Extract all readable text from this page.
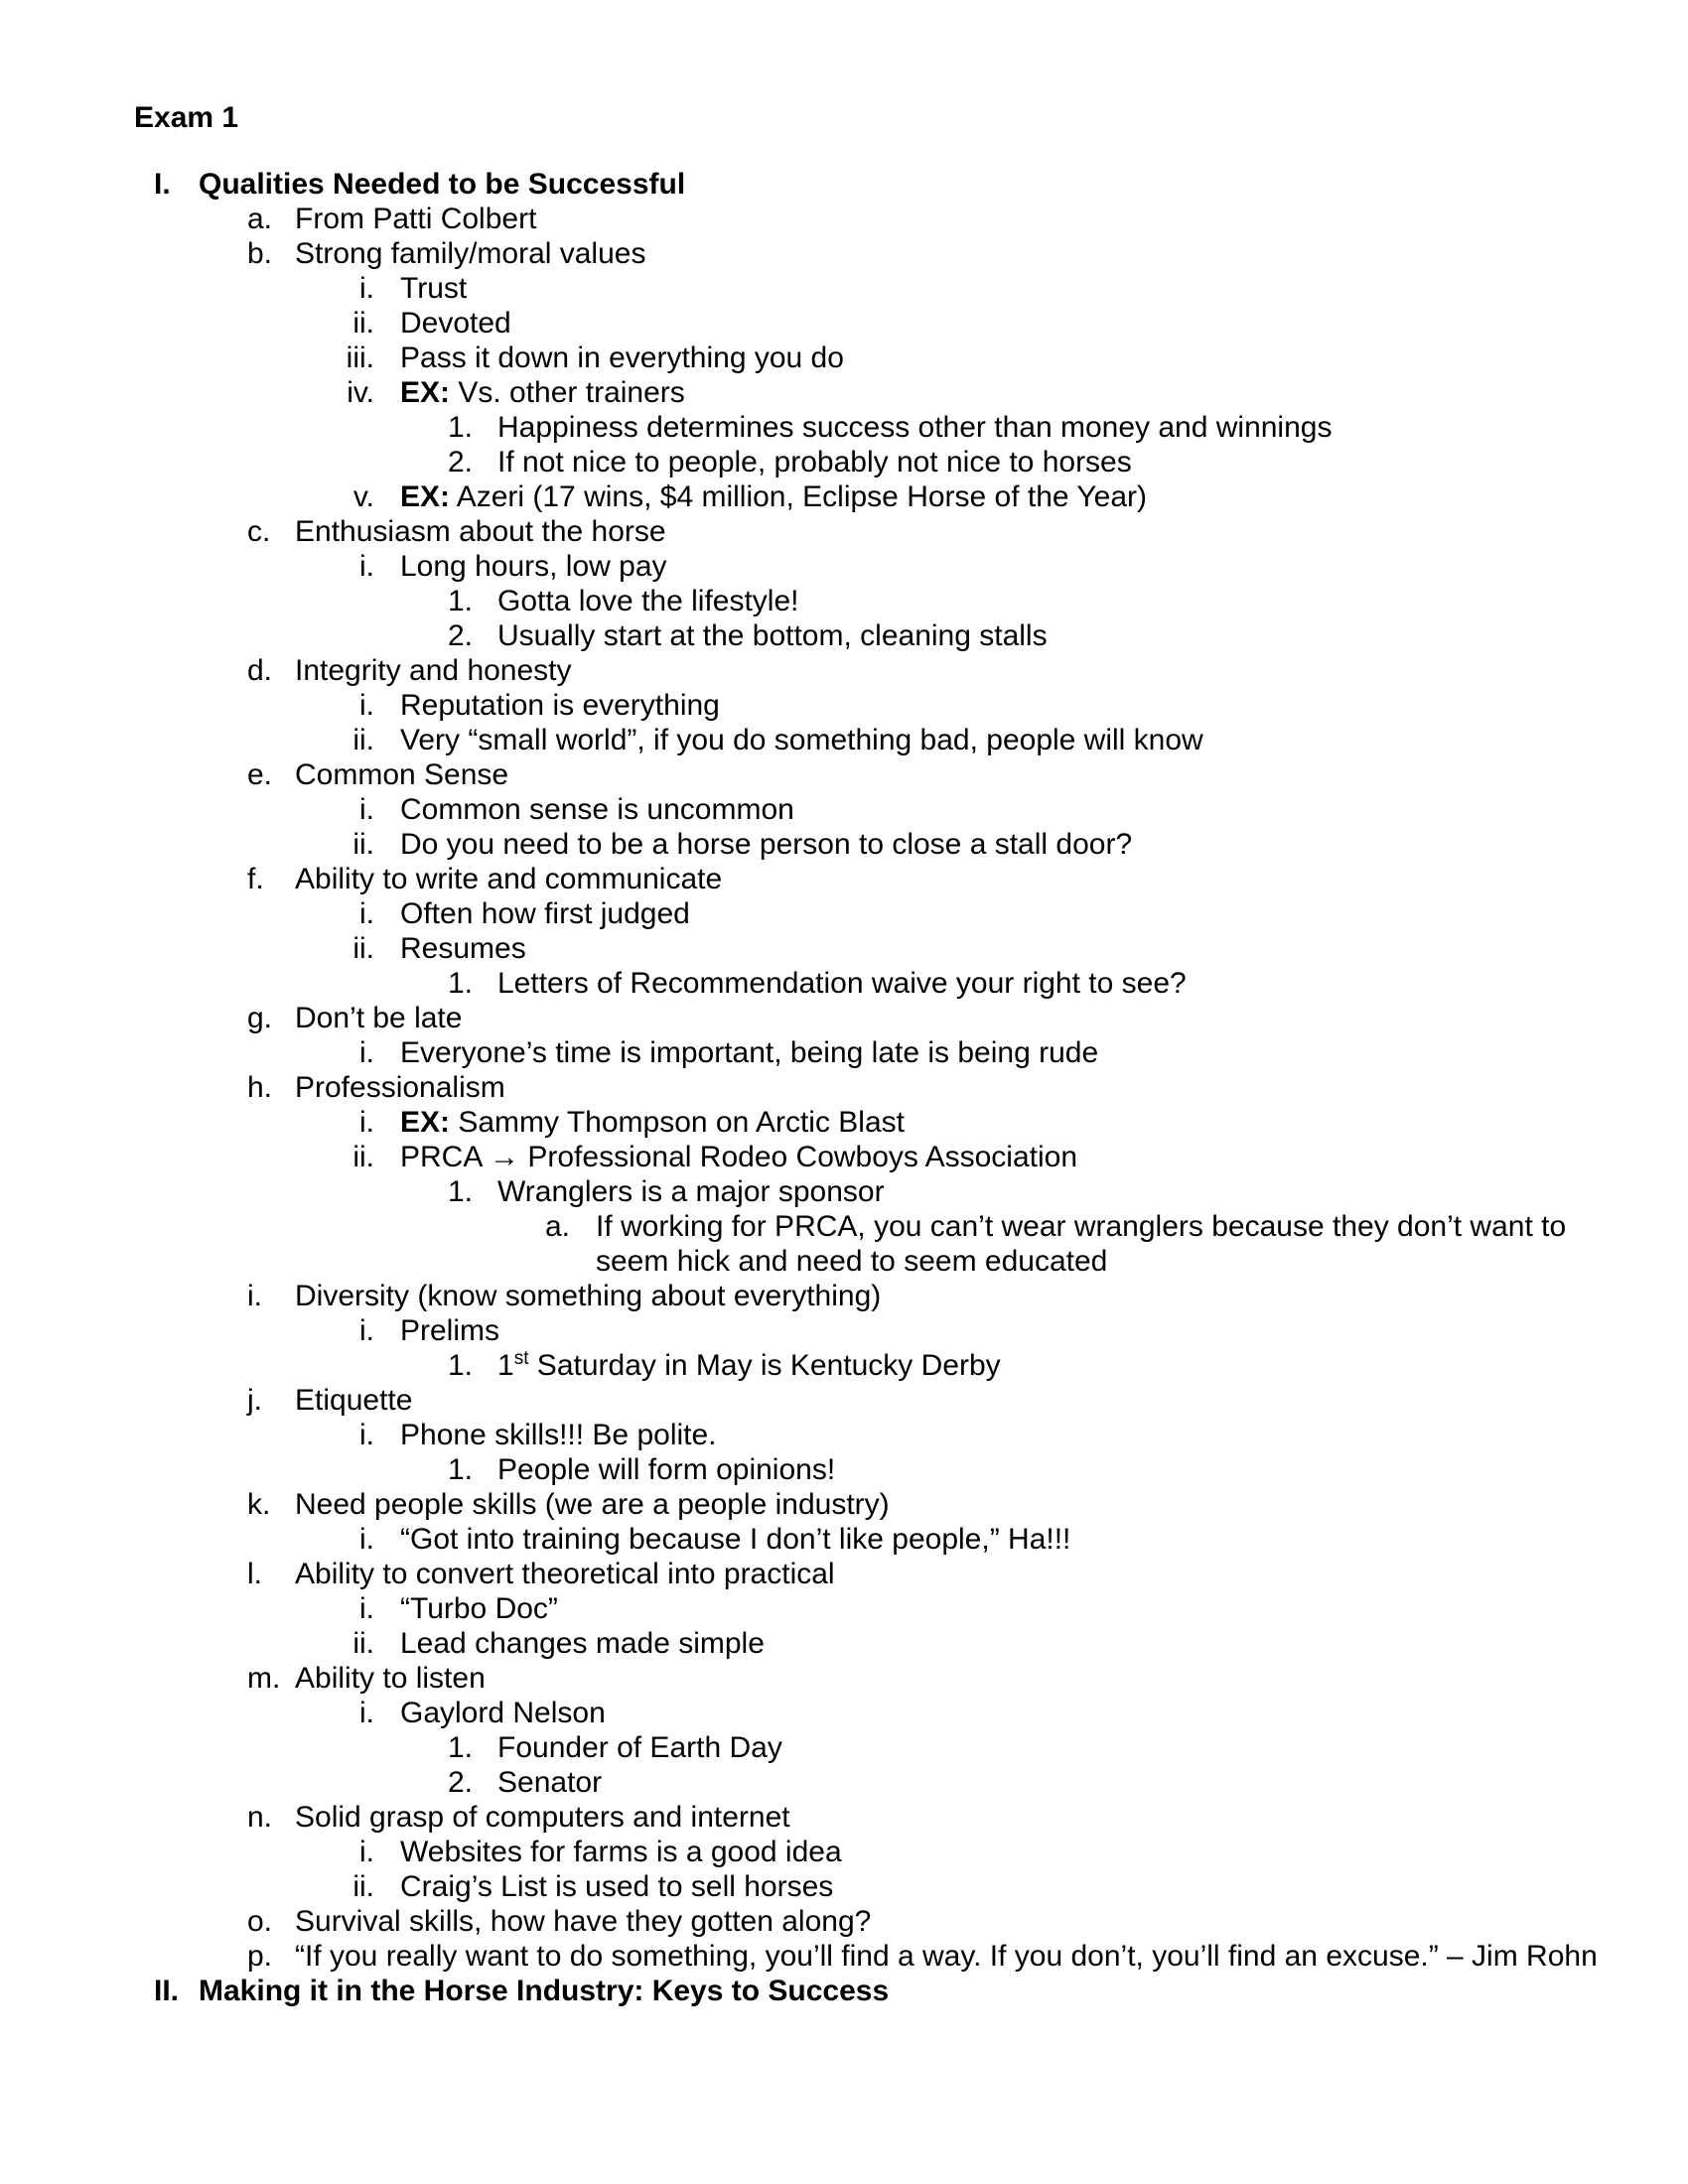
Exam 1
I. Qualities Needed to be Successful
a. From Patti Colbert
b. Strong family/moral values
i. Trust
ii. Devoted
iii. Pass it down in everything you do
iv. EX: Vs. other trainers
1. Happiness determines success other than money and winnings
2. If not nice to people, probably not nice to horses
v. EX: Azeri (17 wins, $4 million, Eclipse Horse of the Year)
c. Enthusiasm about the horse
i. Long hours, low pay
1. Gotta love the lifestyle!
2. Usually start at the bottom, cleaning stalls
d. Integrity and honesty
i. Reputation is everything
ii. Very “small world”, if you do something bad, people will know
e. Common Sense
i. Common sense is uncommon
ii. Do you need to be a horse person to close a stall door?
f.	Ability to write and communicate
i. Often how first judged
ii. Resumes
1. Letters of Recommendation waive your right to see?
g. Don’t be late
i. Everyone’s time is important, being late is being rude
h. Professionalism
i. EX: Sammy Thompson on Arctic Blast
ii. PRCA → Professional Rodeo Cowboys Association
1. Wranglers is a major sponsor
a. If working for PRCA, you can’t wear wranglers because they don’t want to seem hick and need to seem educated
i.	Diversity (know something about everything)
i. Prelims
1. 1st Saturday in May is Kentucky Derby
j.	Etiquette
i. Phone skills!!! Be polite.
1. People will form opinions!
k. Need people skills (we are a people industry)
i. “Got into training because I don’t like people,” Ha!!!
l.	Ability to convert theoretical into practical
i. “Turbo Doc”
ii. Lead changes made simple
m. Ability to listen
i. Gaylord Nelson
1. Founder of Earth Day
2. Senator
n. Solid grasp of computers and internet
i. Websites for farms is a good idea
ii. Craig’s List is used to sell horses
o. Survival skills, how have they gotten along?
p. “If you really want to do something, you’ll find a way. If you don’t, you’ll find an excuse.” – Jim Rohn
II. Making it in the Horse Industry: Keys to Success
